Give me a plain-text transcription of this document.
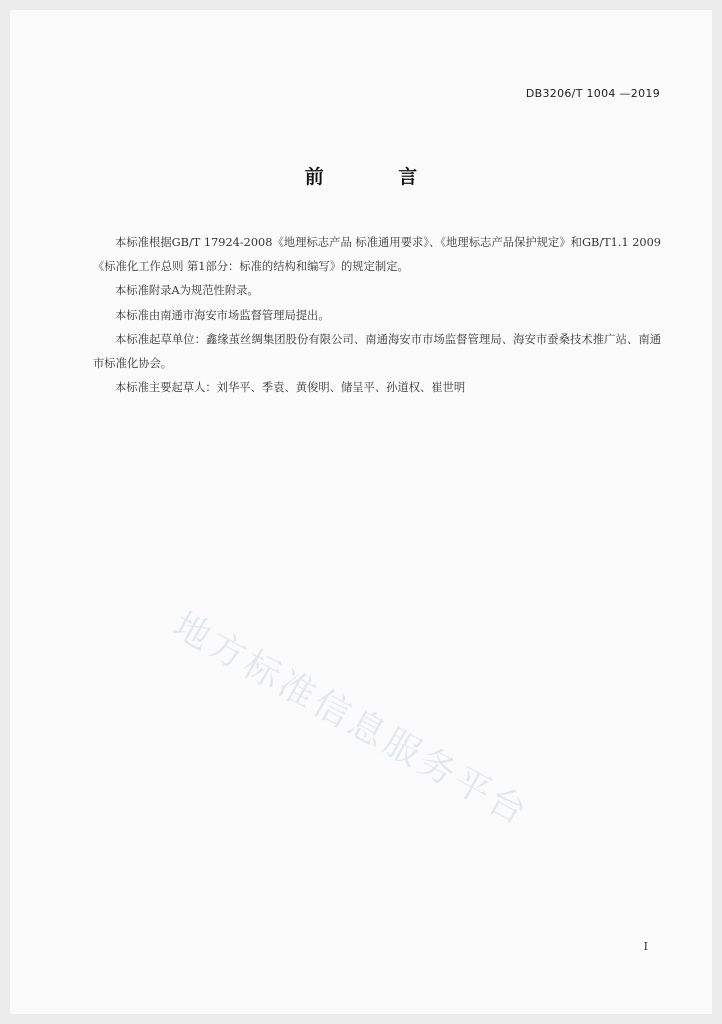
DB3206/T 1004 —2019
前 言

本标准根据GB/T 17924-2008《地理标志产品 标准通用要求》、《地理标志产品保护规定》和GB/T1.1 2009《标准化工作总则 第1部分：标准的结构和编写》的规定制定。

本标准附录A为规范性附录。

本标准由南通市海安市场监督管理局提出。

本标准起草单位：鑫缘茧丝绸集团股份有限公司、南通海安市市场监督管理局、海安市蚕桑技术推广站、南通市标准化协会。

本标准主要起草人：刘华平、季袁、黄俊明、储呈平、孙道权、崔世明

地方标准信息服务平台
I
